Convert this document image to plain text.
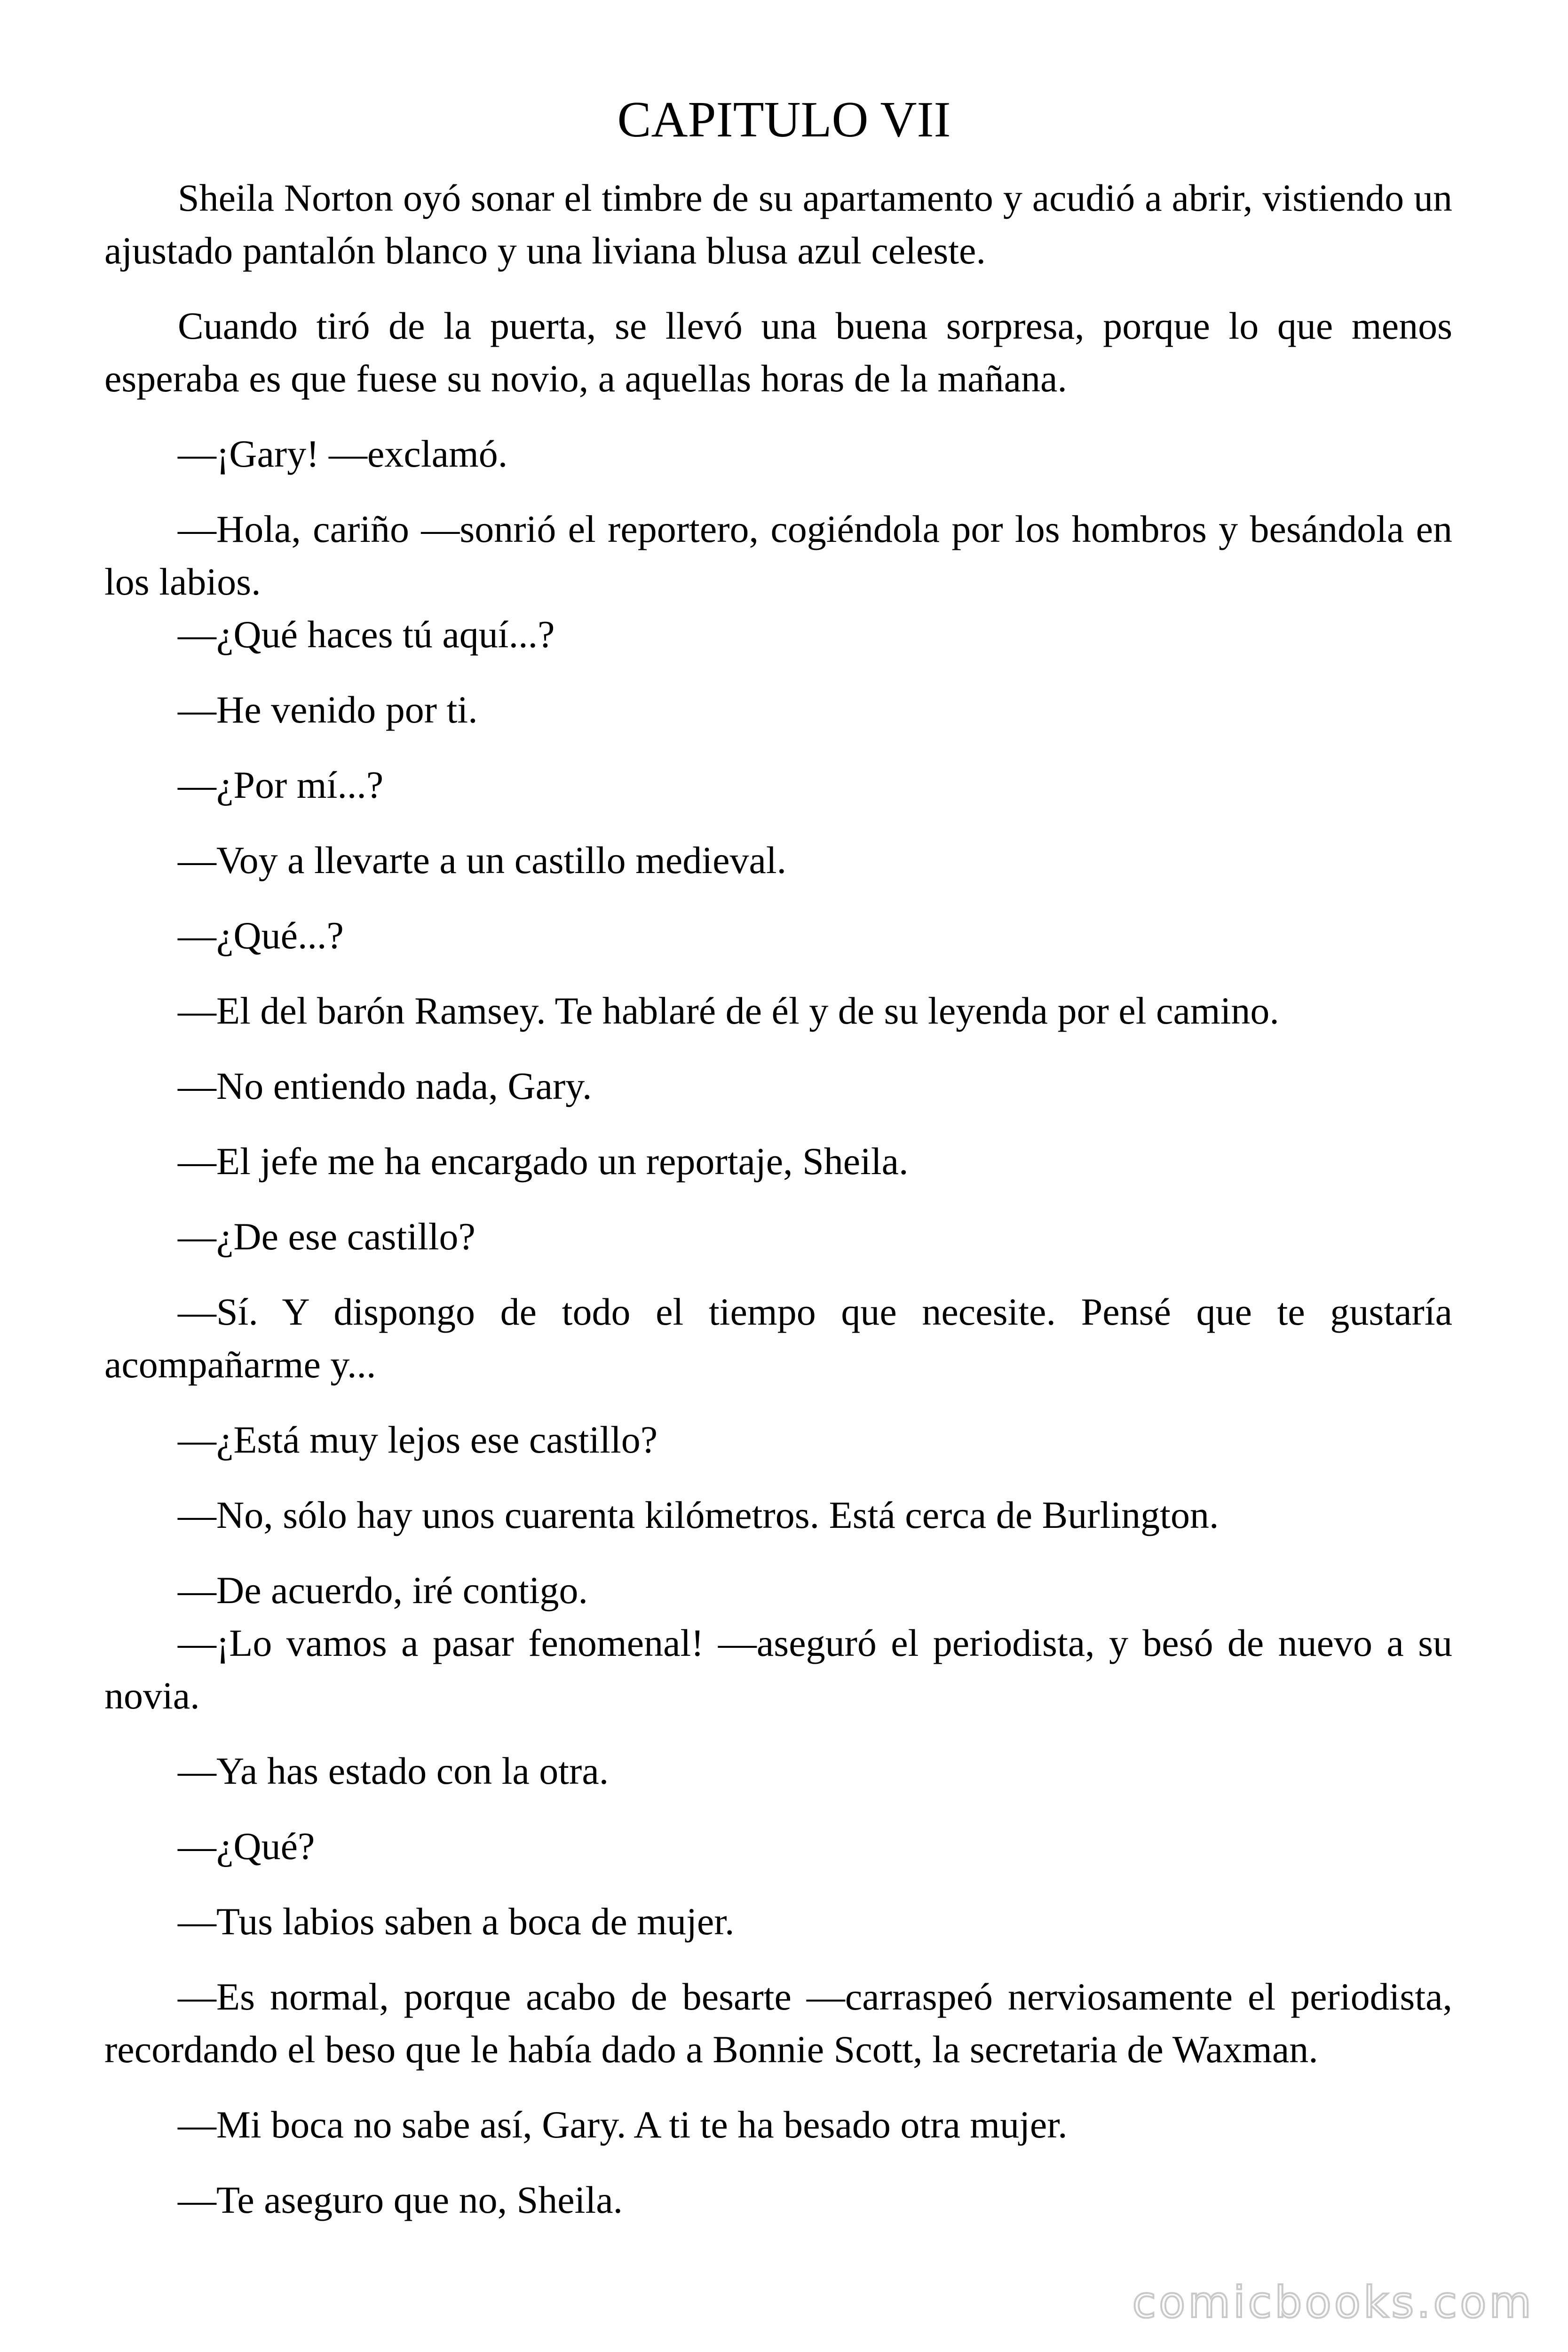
CAPITULO VII

Sheila Norton oyó sonar el timbre de su apartamento y acudió a abrir, vistiendo un ajustado pantalón blanco y una liviana blusa azul celeste.

Cuando tiró de la puerta, se llevó una buena sorpresa, porque lo que menos esperaba es que fuese su novio, a aquellas horas de la mañana.

—¡Gary! —exclamó.

—Hola, cariño —sonrió el reportero, cogiéndola por los hombros y besándola en los labios.

—¿Qué haces tú aquí...?

—He venido por ti.

—¿Por mí...?

—Voy a llevarte a un castillo medieval.

—¿Qué...?

—El del barón Ramsey. Te hablaré de él y de su leyenda por el camino.

—No entiendo nada, Gary.

—El jefe me ha encargado un reportaje, Sheila.

—¿De ese castillo?

—Sí. Y dispongo de todo el tiempo que necesite. Pensé que te gustaría acompañarme y...

—¿Está muy lejos ese castillo?

—No, sólo hay unos cuarenta kilómetros. Está cerca de Burlington.

—De acuerdo, iré contigo.

—¡Lo vamos a pasar fenomenal! —aseguró el periodista, y besó de nuevo a su novia.

—Ya has estado con la otra.

—¿Qué?

—Tus labios saben a boca de mujer.

—Es normal, porque acabo de besarte —carraspeó nerviosamente el periodista, recordando el beso que le había dado a Bonnie Scott, la secretaria de Waxman.

—Mi boca no sabe así, Gary. A ti te ha besado otra mujer.

—Te aseguro que no, Sheila.

comicbooks.com
